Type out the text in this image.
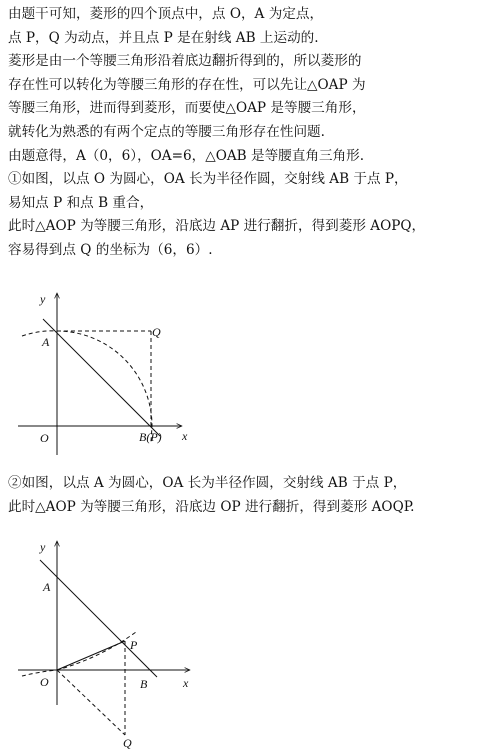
由题干可知，菱形的四个顶点中，点 O，A 为定点，
点 P，Q 为动点，并且点 P 是在射线 AB 上运动的.
菱形是由一个等腰三角形沿着底边翻折得到的，所以菱形的
存在性可以转化为等腰三角形的存在性，可以先让△OAP 为
等腰三角形，进而得到菱形，而要使△OAP 是等腰三角形，
就转化为熟悉的有两个定点的等腰三角形存在性问题.
由题意得，A（0，6），OA=6，△OAB 是等腰直角三角形.
①如图，以点 O 为圆心，OA 长为半径作圆，交射线 AB 于点 P，
易知点 P 和点 B 重合，
此时△AOP 为等腰三角形，沿底边 AP 进行翻折，得到菱形 AOPQ，
容易得到点 Q 的坐标为（6，6）.
y
x
A
Q
O	B(P)
②如图，以点 A 为圆心，OA 长为半径作圆，交射线 AB 于点 P，
此时△AOP 为等腰三角形，沿底边 OP 进行翻折，得到菱形 AOQP.
y
x
A
P
O	B
Q
